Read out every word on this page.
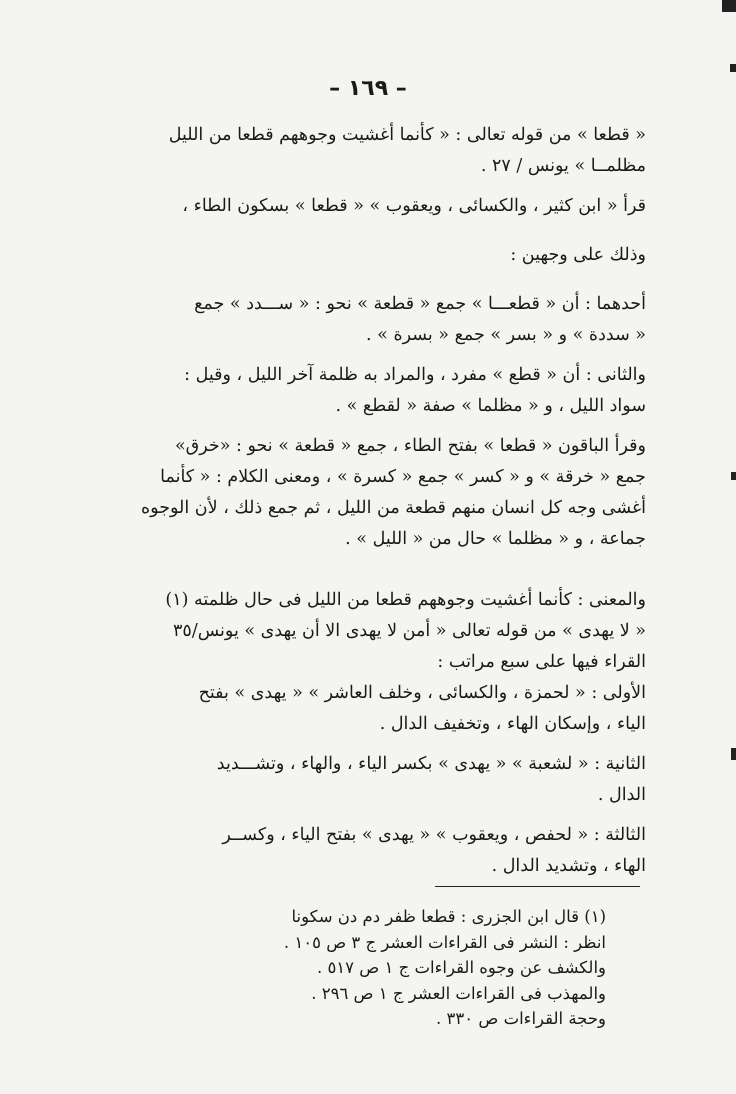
– ١٦٩ –
« قطعا » من قوله تعالى : « كأنما أغشيت وجوههم قطعا من الليل
مظلمــا » يونس / ٢٧ .
قرأ « ابن كثير ، والكسائى ، ويعقوب » « قطعا » بسكون الطاء ،
وذلك على وجهين :
أحدهما : أن « قطعـــا » جمع « قطعة » نحو : « ســـدد » جمع
« سددة » و « بسر » جمع « بسرة » .
والثانى : أن « قطع » مفرد ، والمراد به ظلمة آخر الليل ، وقيل :
سواد الليل ، و « مظلما » صفة « لقطع » .
وقرأ الباقون « قطعا » بفتح الطاء ، جمع « قطعة » نحو : «خرق»
جمع « خرقة » و « كسر » جمع « كسرة » ، ومعنى الكلام : « كأنما
أغشى وجه كل انسان منهم قطعة من الليل ، ثم جمع ذلك ، لأن الوجوه
جماعة ، و « مظلما » حال من « الليل » .
والمعنى : كأنما أغشيت وجوههم قطعا من الليل فى حال ظلمته (١)
« لا يهدى » من قوله تعالى « أمن لا يهدى الا أن يهدى » يونس/٣٥
القراء فيها على سبع مراتب :
الأولى : « لحمزة ، والكسائى ، وخلف العاشر » « يهدى » بفتح
الياء ، وإسكان الهاء ، وتخفيف الدال .
الثانية : « لشعبة » « يهدى » بكسر الياء ، والهاء ، وتشـــديد
الدال .
الثالثة : « لحفص ، ويعقوب » « يهدى » بفتح الياء ، وكســر
الهاء ، وتشديد الدال .
(١) قال ابن الجزرى : قطعا ظفر دم دن سكونا
انظر : النشر فى القراءات العشر ج ٣ ص ١٠٥ .
والكشف عن وجوه القراءات ج ١ ص ٥١٧ .
والمهذب فى القراءات العشر ج ١ ص ٢٩٦ .
وحجة القراءات ص ٣٣٠ .
